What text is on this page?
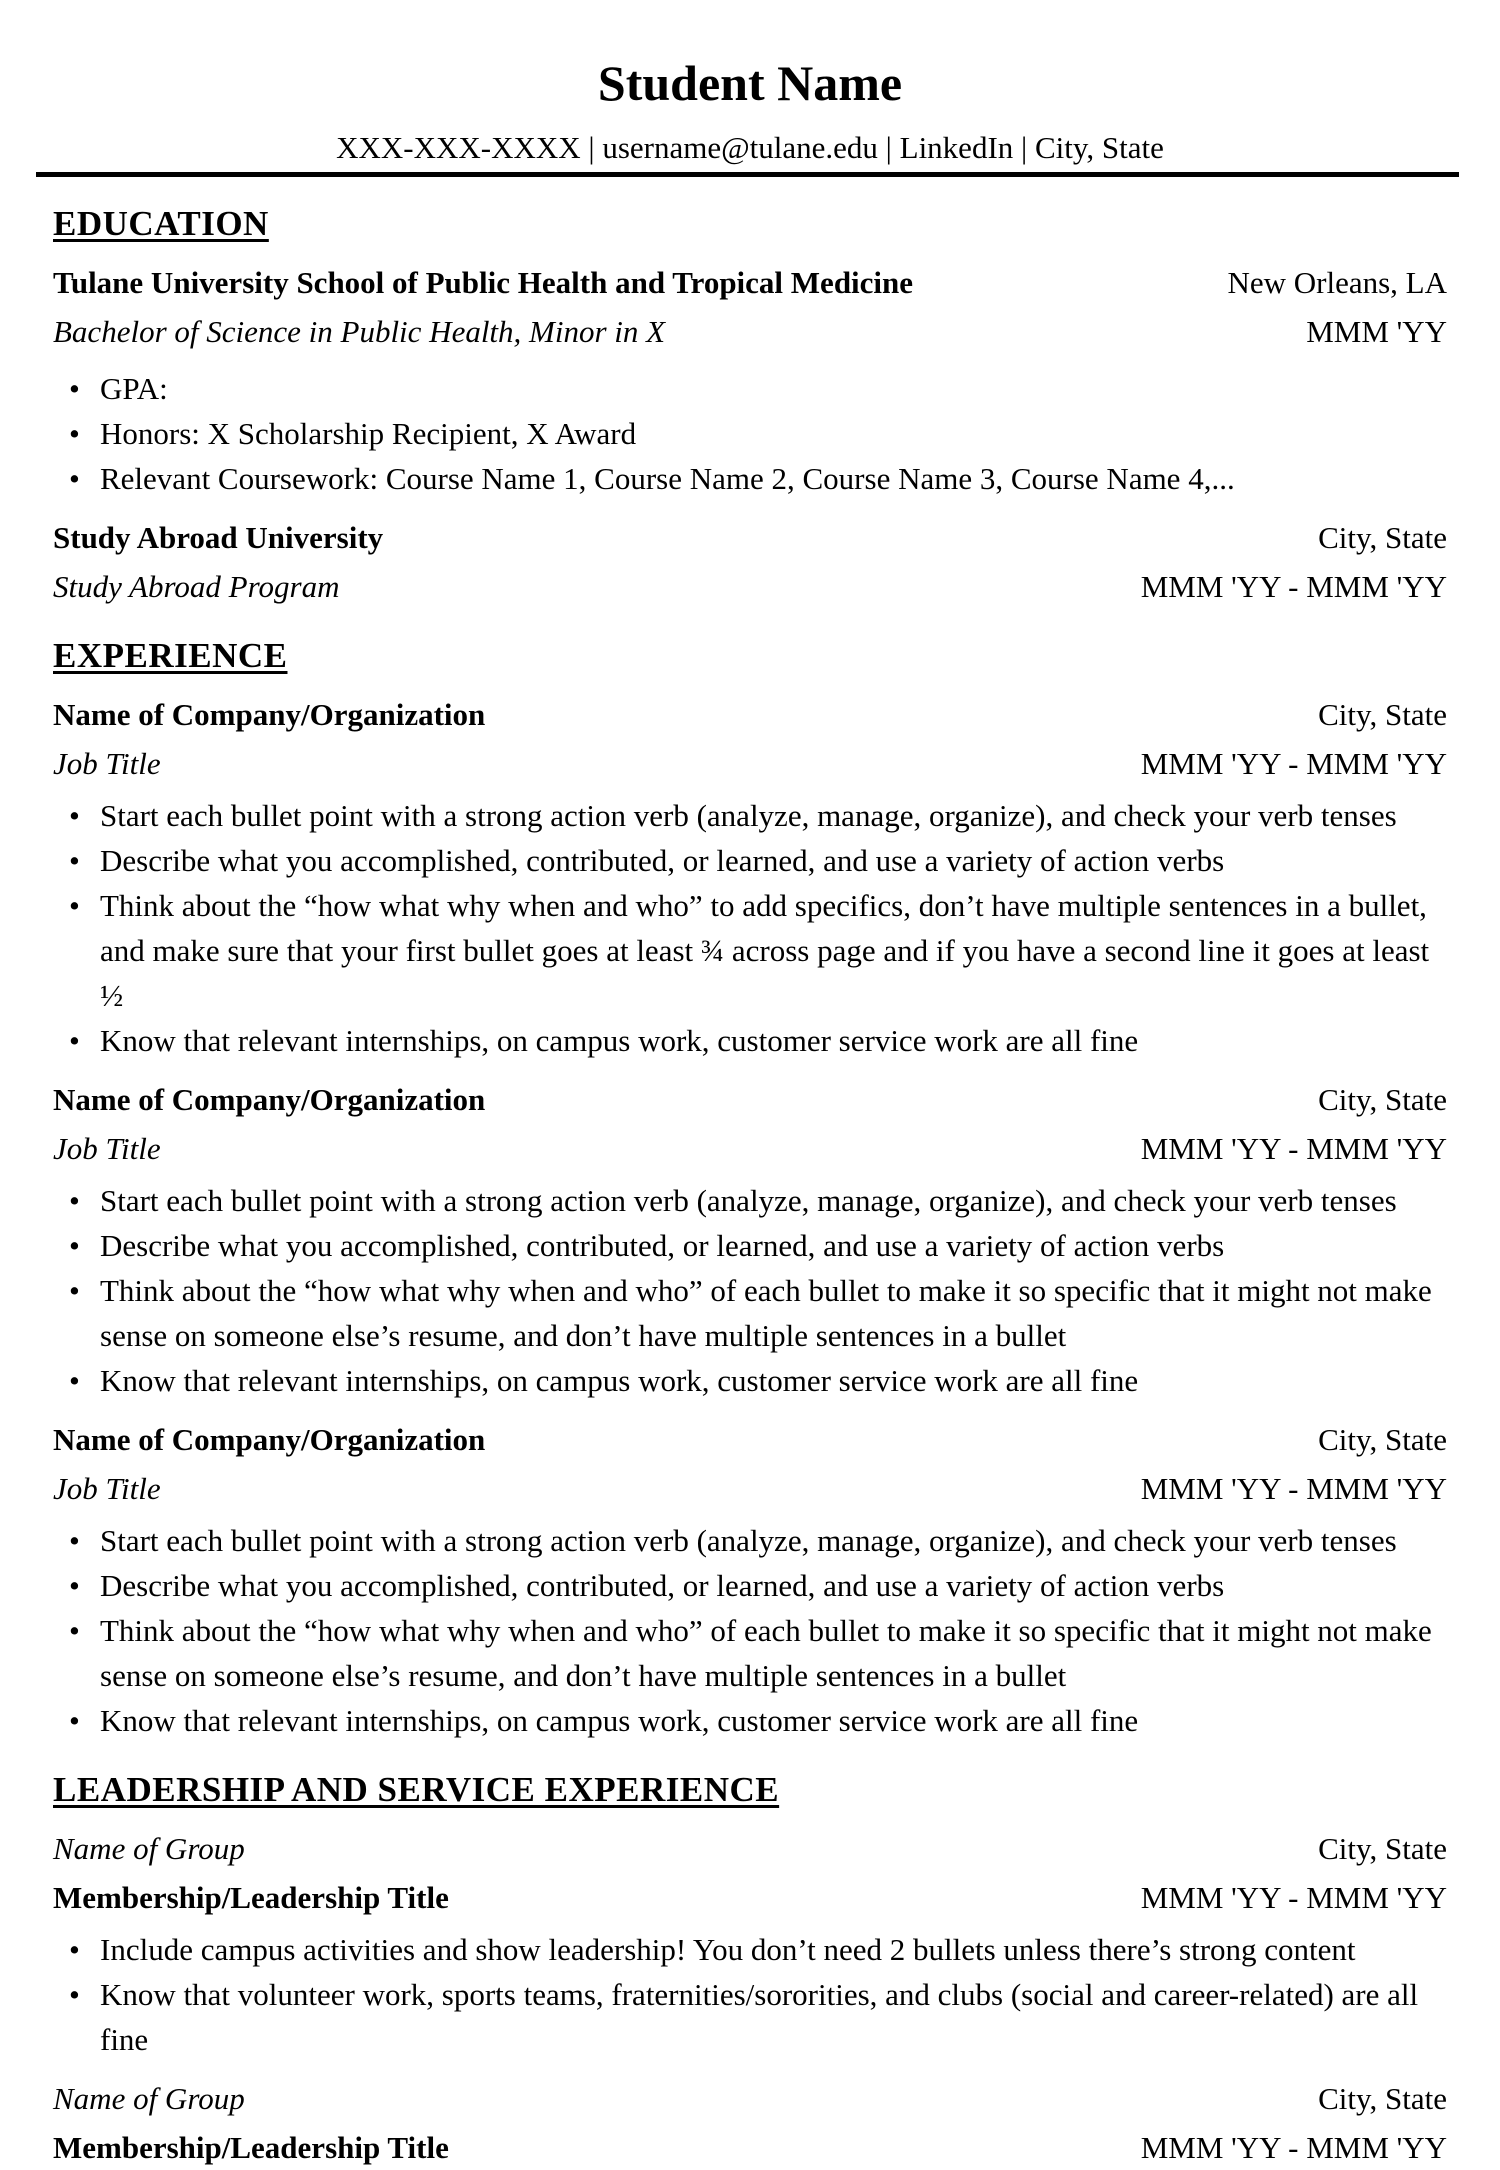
Student Name
XXX-XXX-XXXX | username@tulane.edu | LinkedIn | City, State
EDUCATION
Tulane University School of Public Health and Tropical Medicine	New Orleans, LA
Bachelor of Science in Public Health, Minor in X	MMM 'YY
• GPA:
• Honors: X Scholarship Recipient, X Award
• Relevant Coursework: Course Name 1, Course Name 2, Course Name 3, Course Name 4,...
Study Abroad University	City, State
Study Abroad Program	MMM 'YY - MMM 'YY
EXPERIENCE
Name of Company/Organization	City, State
Job Title	MMM 'YY - MMM 'YY
• Start each bullet point with a strong action verb (analyze, manage, organize), and check your verb tenses
• Describe what you accomplished, contributed, or learned, and use a variety of action verbs
• Think about the “how what why when and who” to add specifics, don’t have multiple sentences in a bullet, and make sure that your first bullet goes at least ¾ across page and if you have a second line it goes at least ½
• Know that relevant internships, on campus work, customer service work are all fine
Name of Company/Organization	City, State
Job Title	MMM 'YY - MMM 'YY
• Start each bullet point with a strong action verb (analyze, manage, organize), and check your verb tenses
• Describe what you accomplished, contributed, or learned, and use a variety of action verbs
• Think about the “how what why when and who” of each bullet to make it so specific that it might not make sense on someone else’s resume, and don’t have multiple sentences in a bullet
• Know that relevant internships, on campus work, customer service work are all fine
Name of Company/Organization	City, State
Job Title	MMM 'YY - MMM 'YY
• Start each bullet point with a strong action verb (analyze, manage, organize), and check your verb tenses
• Describe what you accomplished, contributed, or learned, and use a variety of action verbs
• Think about the “how what why when and who” of each bullet to make it so specific that it might not make sense on someone else’s resume, and don’t have multiple sentences in a bullet
• Know that relevant internships, on campus work, customer service work are all fine
LEADERSHIP AND SERVICE EXPERIENCE
Name of Group	City, State
Membership/Leadership Title	MMM 'YY - MMM 'YY
• Include campus activities and show leadership! You don’t need 2 bullets unless there’s strong content
• Know that volunteer work, sports teams, fraternities/sororities, and clubs (social and career-related) are all fine
Name of Group	City, State
Membership/Leadership Title	MMM 'YY - MMM 'YY
